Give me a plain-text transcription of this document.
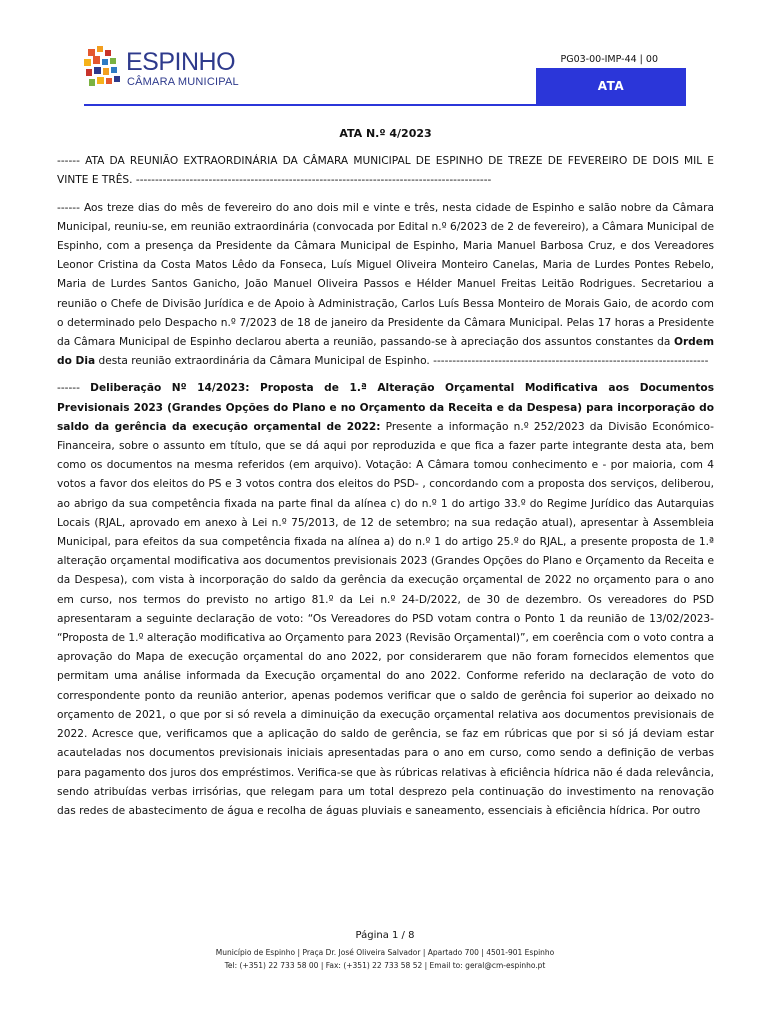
ESPINHO
CÂMARA MUNICIPAL
PG03-00-IMP-44 | 00
ATA
ATA N.º 4/2023

------ ATA DA REUNIÃO EXTRAORDINÁRIA DA CÂMARA MUNICIPAL DE ESPINHO DE TREZE DE FEVEREIRO DE DOIS MIL E VINTE E TRÊS. ---------------------------------------------------------------------------------------------

------ Aos treze dias do mês de fevereiro do ano dois mil e vinte e três, nesta cidade de Espinho e salão nobre da Câmara Municipal, reuniu-se, em reunião extraordinária (convocada por Edital n.º 6/2023 de 2 de fevereiro), a Câmara Municipal de Espinho, com a presença da Presidente da Câmara Municipal de Espinho, Maria Manuel Barbosa Cruz, e dos Vereadores Leonor Cristina da Costa Matos Lêdo da Fonseca, Luís Miguel Oliveira Monteiro Canelas, Maria de Lurdes Pontes Rebelo, Maria de Lurdes Santos Ganicho, João Manuel Oliveira Passos e Hélder Manuel Freitas Leitão Rodrigues. Secretariou a reunião o Chefe de Divisão Jurídica e de Apoio à Administração, Carlos Luís Bessa Monteiro de Morais Gaio, de acordo com o determinado pelo Despacho n.º 7/2023 de 18 de janeiro da Presidente da Câmara Municipal. Pelas 17 horas a Presidente da Câmara Municipal de Espinho declarou aberta a reunião, passando-se à apreciação dos assuntos constantes da Ordem do Dia desta reunião extraordinária da Câmara Municipal de Espinho. ------------------------------------------------------------------------

------ Deliberação Nº 14/2023: Proposta de 1.ª Alteração Orçamental Modificativa aos Documentos Previsionais 2023 (Grandes Opções do Plano e no Orçamento da Receita e da Despesa) para incorporação do saldo da gerência da execução orçamental de 2022: Presente a informação n.º 252/2023 da Divisão Económico-Financeira, sobre o assunto em título, que se dá aqui por reproduzida e que fica a fazer parte integrante desta ata, bem como os documentos na mesma referidos (em arquivo). Votação: A Câmara tomou conhecimento e - por maioria, com 4 votos a favor dos eleitos do PS e 3 votos contra dos eleitos do PSD- , concordando com a proposta dos serviços, deliberou, ao abrigo da sua competência fixada na parte final da alínea c) do n.º 1 do artigo 33.º do Regime Jurídico das Autarquias Locais (RJAL, aprovado em anexo à Lei n.º 75/2013, de 12 de setembro; na sua redação atual), apresentar à Assembleia Municipal, para efeitos da sua competência fixada na alínea a) do n.º 1 do artigo 25.º do RJAL, a presente proposta de 1.ª alteração orçamental modificativa aos documentos previsionais 2023 (Grandes Opções do Plano e Orçamento da Receita e da Despesa), com vista à incorporação do saldo da gerência da execução orçamental de 2022 no orçamento para o ano em curso, nos termos do previsto no artigo 81.º da Lei n.º 24-D/2022, de 30 de dezembro. Os vereadores do PSD apresentaram a seguinte declaração de voto: “Os Vereadores do PSD votam contra o Ponto 1 da reunião de 13/02/2023- “Proposta de 1.º alteração modificativa ao Orçamento para 2023 (Revisão Orçamental)”, em coerência com o voto contra a aprovação do Mapa de execução orçamental do ano 2022, por considerarem que não foram fornecidos elementos que permitam uma análise informada da Execução orçamental do ano 2022. Conforme referido na declaração de voto do correspondente ponto da reunião anterior, apenas podemos verificar que o saldo de gerência foi superior ao deixado no orçamento de 2021, o que por si só revela a diminuição da execução orçamental relativa aos documentos previsionais de 2022. Acresce que, verificamos que a aplicação do saldo de gerência, se faz em rúbricas que por si só já deviam estar acauteladas nos documentos previsionais iniciais apresentadas para o ano em curso, como sendo a definição de verbas para pagamento dos juros dos empréstimos. Verifica-se que às rúbricas relativas à eficiência hídrica não é dada relevância, sendo atribuídas verbas irrisórias, que relegam para um total desprezo pela continuação do investimento na renovação das redes de abastecimento de água e recolha de águas pluviais e saneamento, essenciais à eficiência hídrica. Por outro

Página 1 / 8
Município de Espinho | Praça Dr. José Oliveira Salvador | Apartado 700 | 4501-901 Espinho
Tel: (+351) 22 733 58 00 | Fax: (+351) 22 733 58 52 | Email to: geral@cm-espinho.pt
